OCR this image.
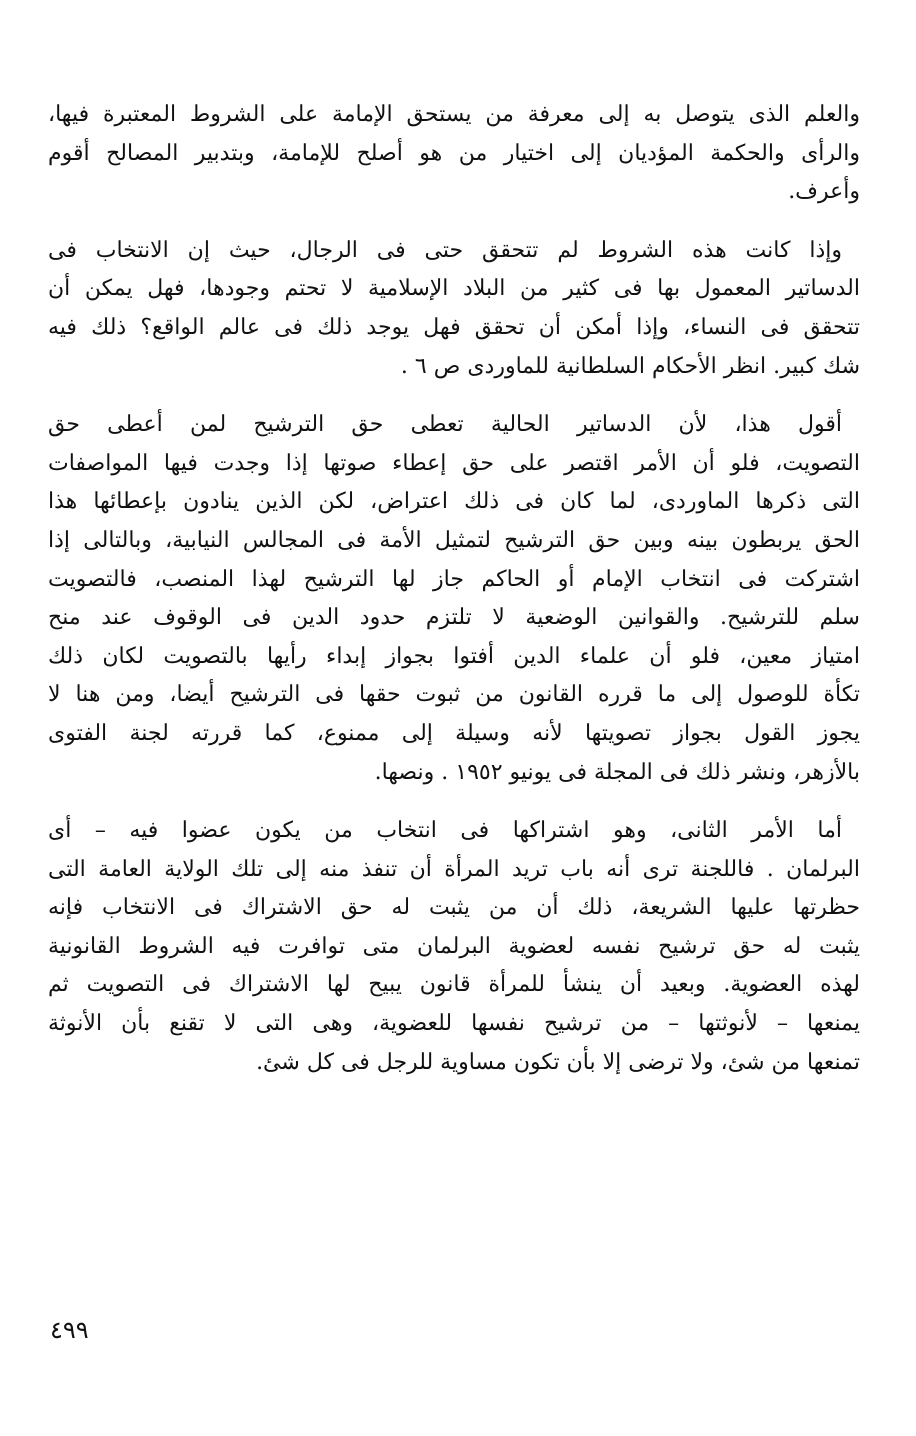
والعلم الذى يتوصل به إلى معرفة من يستحق الإمامة على الشروط المعتبرة فيها،
والرأى والحكمة المؤديان إلى اختيار من هو أصلح للإمامة، وبتدبير المصالح أقوم
وأعرف.
وإذا كانت هذه الشروط لم تتحقق حتى فى الرجال، حيث إن الانتخاب فى
الدساتير المعمول بها فى كثير من البلاد الإسلامية لا تحتم وجودها، فهل يمكن أن
تتحقق فى النساء، وإذا أمكن أن تحقق فهل يوجد ذلك فى عالم الواقع؟ ذلك فيه
شك كبير. انظر الأحكام السلطانية للماوردى ص ٦ .
أقول هذا، لأن الدساتير الحالية تعطى حق الترشيح لمن أعطى حق
التصويت، فلو أن الأمر اقتصر على حق إعطاء صوتها إذا وجدت فيها المواصفات
التى ذكرها الماوردى، لما كان فى ذلك اعتراض، لكن الذين ينادون بإعطائها هذا
الحق يربطون بينه وبين حق الترشيح لتمثيل الأمة فى المجالس النيابية، وبالتالى إذا
اشتركت فى انتخاب الإمام أو الحاكم جاز لها الترشيح لهذا المنصب، فالتصويت
سلم للترشيح. والقوانين الوضعية لا تلتزم حدود الدين فى الوقوف عند منح
امتياز معين، فلو أن علماء الدين أفتوا بجواز إبداء رأيها بالتصويت لكان ذلك
تكأة للوصول إلى ما قرره القانون من ثبوت حقها فى الترشيح أيضا، ومن هنا لا
يجوز القول بجواز تصويتها لأنه وسيلة إلى ممنوع، كما قررته لجنة الفتوى
بالأزهر، ونشر ذلك فى المجلة فى يونيو ١٩٥٢ . ونصها.
أما الأمر الثانى، وهو اشتراكها فى انتخاب من يكون عضوا فيه – أى
البرلمان . فاللجنة ترى أنه باب تريد المرأة أن تنفذ منه إلى تلك الولاية العامة التى
حظرتها عليها الشريعة، ذلك أن من يثبت له حق الاشتراك فى الانتخاب فإنه
يثبت له حق ترشيح نفسه لعضوية البرلمان متى توافرت فيه الشروط القانونية
لهذه العضوية. وبعيد أن ينشأ للمرأة قانون يبيح لها الاشتراك فى التصويت ثم
يمنعها – لأنوثتها – من ترشيح نفسها للعضوية، وهى التى لا تقنع بأن الأنوثة
تمنعها من شئ، ولا ترضى إلا بأن تكون مساوية للرجل فى كل شئ.
٤٩٩
